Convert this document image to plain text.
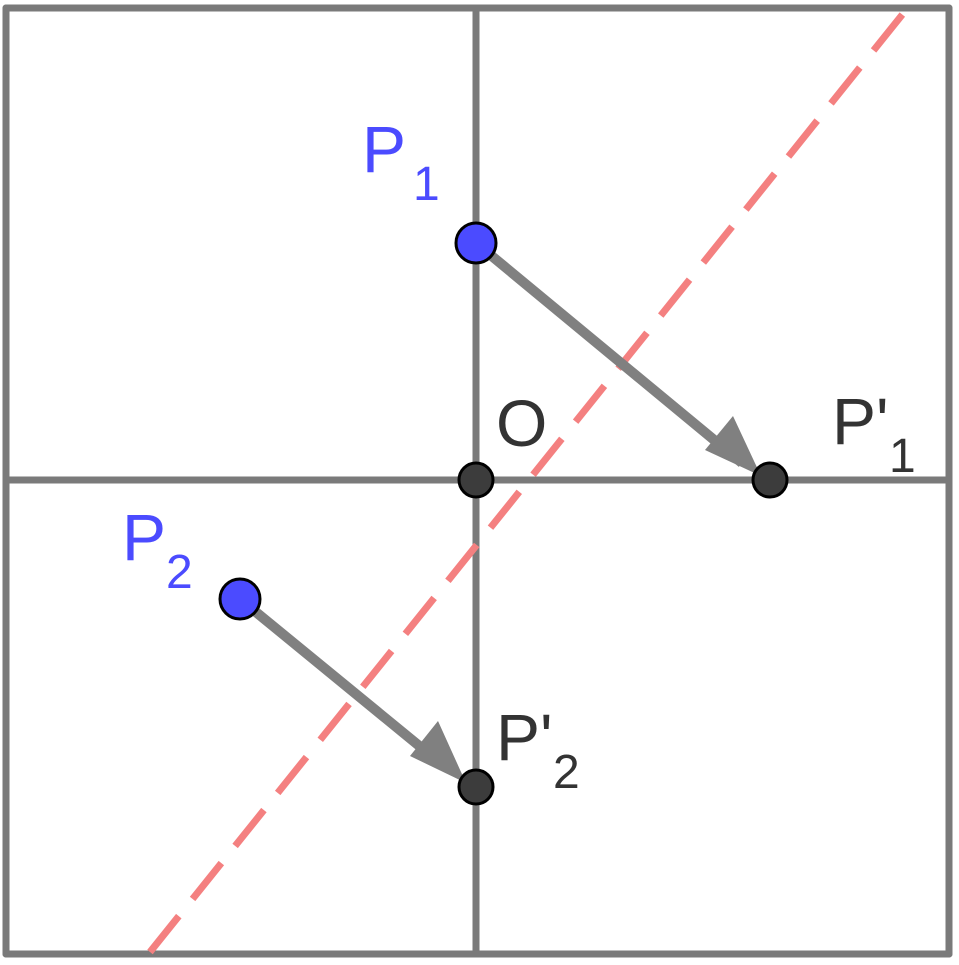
P 1
P 2
O	P' 1
P' 2
